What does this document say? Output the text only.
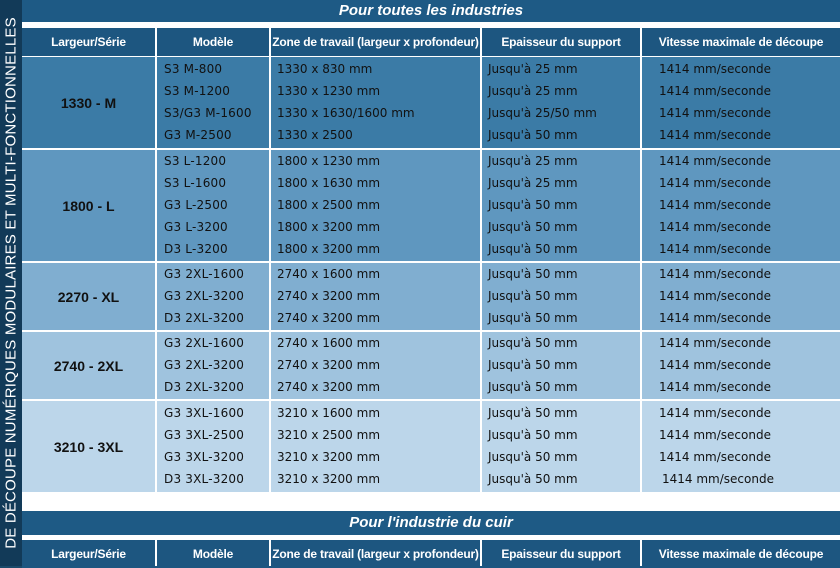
DE DÉCOUPE NUMÉRIQUES MODULAIRES ET MULTI-FONCTIONNELLES
Pour toutes les industries
Largeur/Série	Modèle	Zone de travail (largeur x profondeur)	Epaisseur du support	Vitesse maximale de découpe
1330 - M
S3 M-800	1330 x 830 mm	Jusqu'à 25 mm	1414 mm/seconde
S3 M-1200	1330 x 1230 mm	Jusqu'à 25 mm	1414 mm/seconde
S3/G3 M-1600 1330 x 1630/1600 mm	Jusqu'à 25/50 mm	1414 mm/seconde
G3 M-2500	1330 x 2500	Jusqu'à 50 mm	1414 mm/seconde
1800 - L
S3 L-1200	1800 x 1230 mm	Jusqu'à 25 mm	1414 mm/seconde
S3 L-1600	1800 x 1630 mm	Jusqu'à 25 mm	1414 mm/seconde
G3 L-2500	1800 x 2500 mm	Jusqu'à 50 mm	1414 mm/seconde
G3 L-3200	1800 x 3200 mm	Jusqu'à 50 mm	1414 mm/seconde
D3 L-3200	1800 x 3200 mm	Jusqu'à 50 mm	1414 mm/seconde
2270 - XL
G3 2XL-1600	2740 x 1600 mm	Jusqu'à 50 mm	1414 mm/seconde
G3 2XL-3200	2740 x 3200 mm	Jusqu'à 50 mm	1414 mm/seconde
D3 2XL-3200	2740 x 3200 mm	Jusqu'à 50 mm	1414 mm/seconde
2740 - 2XL
G3 2XL-1600	2740 x 1600 mm	Jusqu'à 50 mm	1414 mm/seconde
G3 2XL-3200	2740 x 3200 mm	Jusqu'à 50 mm	1414 mm/seconde
D3 2XL-3200	2740 x 3200 mm	Jusqu'à 50 mm	1414 mm/seconde
3210 - 3XL
G3 3XL-1600	3210 x 1600 mm	Jusqu'à 50 mm	1414 mm/seconde
G3 3XL-2500	3210 x 2500 mm	Jusqu'à 50 mm	1414 mm/seconde
G3 3XL-3200	3210 x 3200 mm	Jusqu'à 50 mm	1414 mm/seconde
D3 3XL-3200	3210 x 3200 mm	Jusqu'à 50 mm	1414 mm/seconde
Pour l'industrie du cuir
Largeur/Série	Modèle	Zone de travail (largeur x profondeur)	Epaisseur du support	Vitesse maximale de découpe
